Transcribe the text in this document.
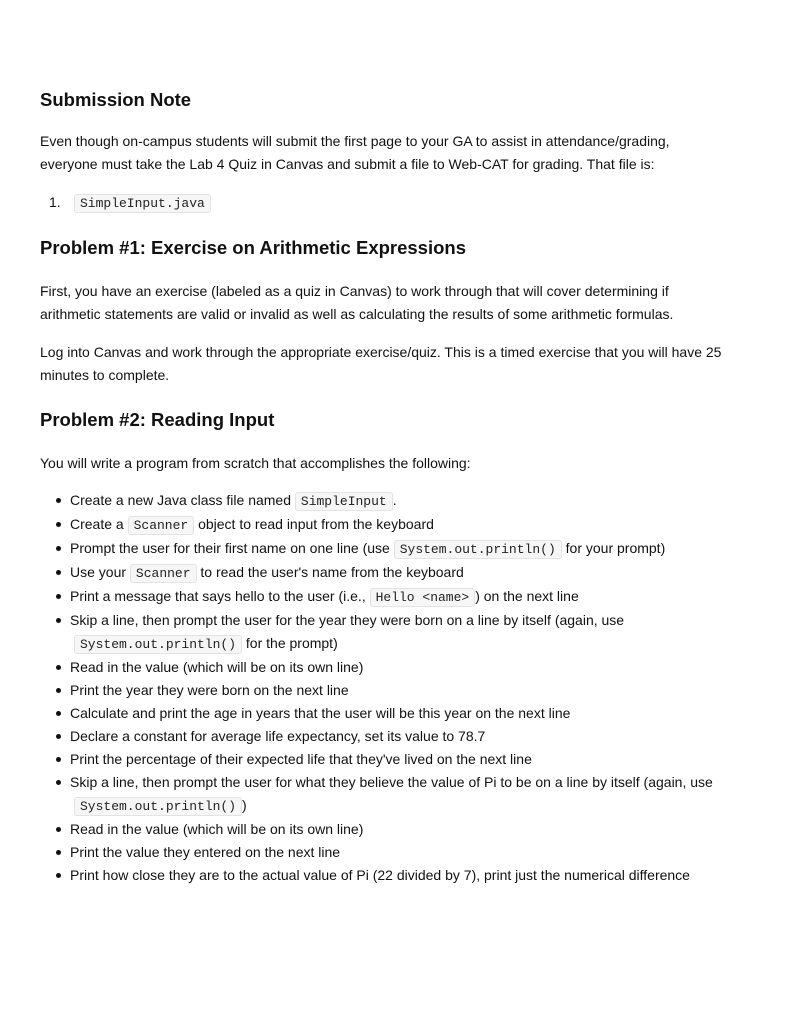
Submission Note

Even though on-campus students will submit the first page to your GA to assist in attendance/grading,
everyone must take the Lab 4 Quiz in Canvas and submit a file to Web-CAT for grading. That file is:

1. SimpleInput.java
Problem #1: Exercise on Arithmetic Expressions

First, you have an exercise (labeled as a quiz in Canvas) to work through that will cover determining if
arithmetic statements are valid or invalid as well as calculating the results of some arithmetic formulas.

Log into Canvas and work through the appropriate exercise/quiz. This is a timed exercise that you will have 25
minutes to complete.

Problem #2: Reading Input

You will write a program from scratch that accomplishes the following:

Create a new Java class file named SimpleInput .
Create a Scanner object to read input from the keyboard
Prompt the user for their first name on one line (use System.out.println() for your prompt)
Use your Scanner to read the user's name from the keyboard
Print a message that says hello to the user (i.e., Hello <name> ) on the next line
Skip a line, then prompt the user for the year they were born on a line by itself (again, use
System.out.println() for the prompt)
Read in the value (which will be on its own line)
Print the year they were born on the next line
Calculate and print the age in years that the user will be this year on the next line
Declare a constant for average life expectancy, set its value to 78.7
Print the percentage of their expected life that they've lived on the next line
Skip a line, then prompt the user for what they believe the value of Pi to be on a line by itself (again, use
System.out.println() )
Read in the value (which will be on its own line)
Print the value they entered on the next line
Print how close they are to the actual value of Pi (22 divided by 7), print just the numerical difference
